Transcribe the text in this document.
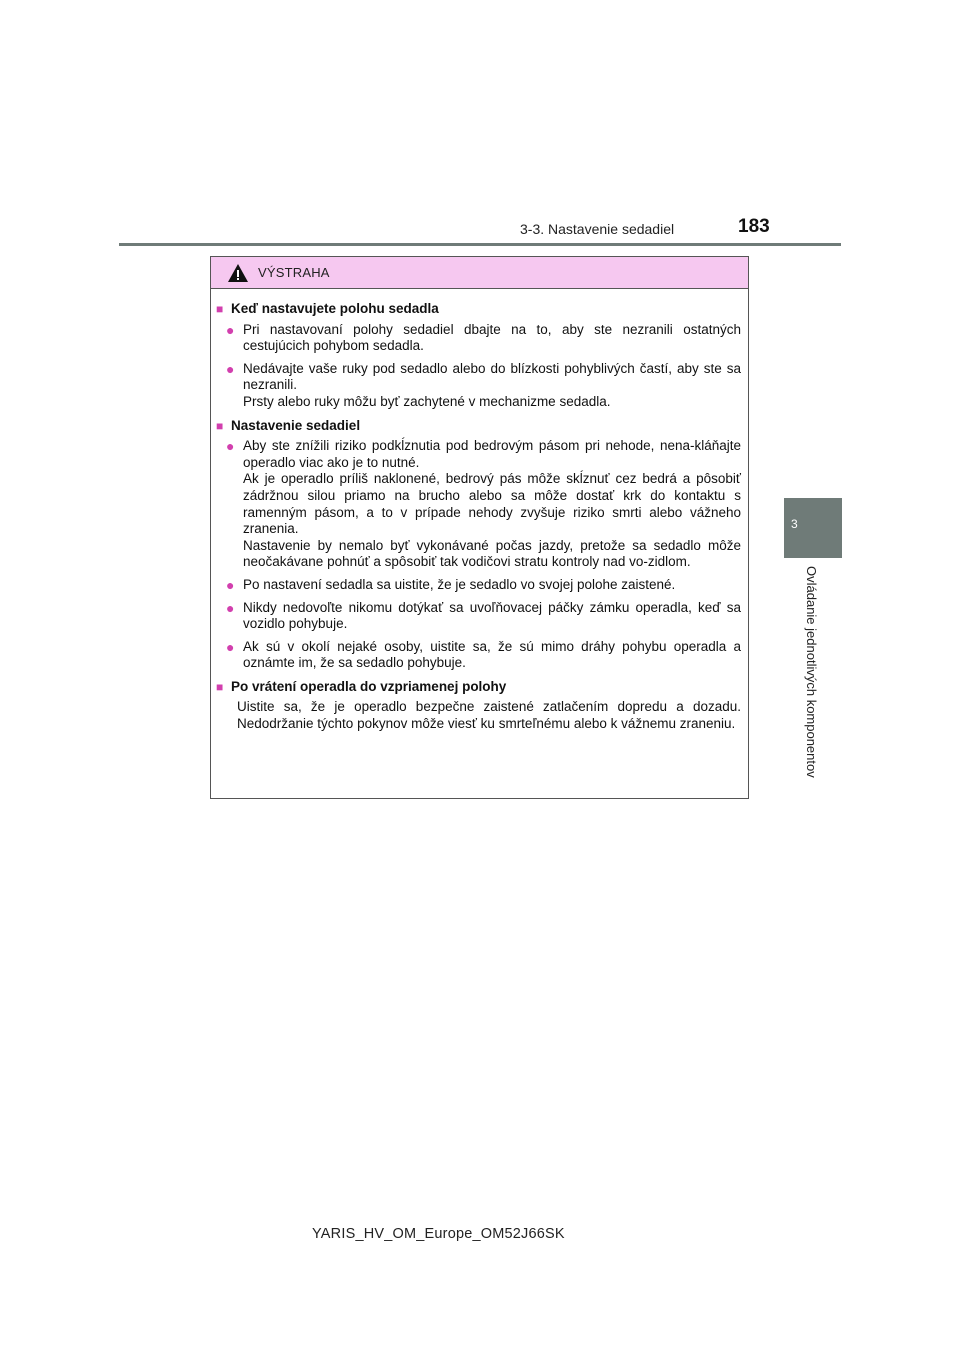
3-3. Nastavenie sedadiel	183
3
Ovládanie jednotlivých komponentov
VÝSTRAHA
■ Keď nastavujete polohu sedadla
● Pri nastavovaní polohy sedadiel dbajte na to, aby ste nezranili ostatných cestujúcich pohybom sedadla.
● Nedávajte vaše ruky pod sedadlo alebo do blízkosti pohyblivých častí, aby ste sa nezranili.
Prsty alebo ruky môžu byť zachytené v mechanizme sedadla.
■ Nastavenie sedadiel
● Aby ste znížili riziko podkĺznutia pod bedrovým pásom pri nehode, nena-kláňajte operadlo viac ako je to nutné.
Ak je operadlo príliš naklonené, bedrový pás môže skĺznuť cez bedrá a pôsobiť zádržnou silou priamo na brucho alebo sa môže dostať krk do kontaktu s ramenným pásom, a to v prípade nehody zvyšuje riziko smrti alebo vážneho zranenia.
Nastavenie by nemalo byť vykonávané počas jazdy, pretože sa sedadlo môže neočakávane pohnúť a spôsobiť tak vodičovi stratu kontroly nad vo-zidlom.
● Po nastavení sedadla sa uistite, že je sedadlo vo svojej polohe zaistené.
● Nikdy nedovoľte nikomu dotýkať sa uvoľňovacej páčky zámku operadla, keď sa vozidlo pohybuje.
● Ak sú v okolí nejaké osoby, uistite sa, že sú mimo dráhy pohybu operadla a oznámte im, že sa sedadlo pohybuje.
■ Po vrátení operadla do vzpriamenej polohy
Uistite sa, že je operadlo bezpečne zaistené zatlačením dopredu a dozadu. Nedodržanie týchto pokynov môže viesť ku smrteľnému alebo k vážnemu zraneniu.
YARIS_HV_OM_Europe_OM52J66SK
